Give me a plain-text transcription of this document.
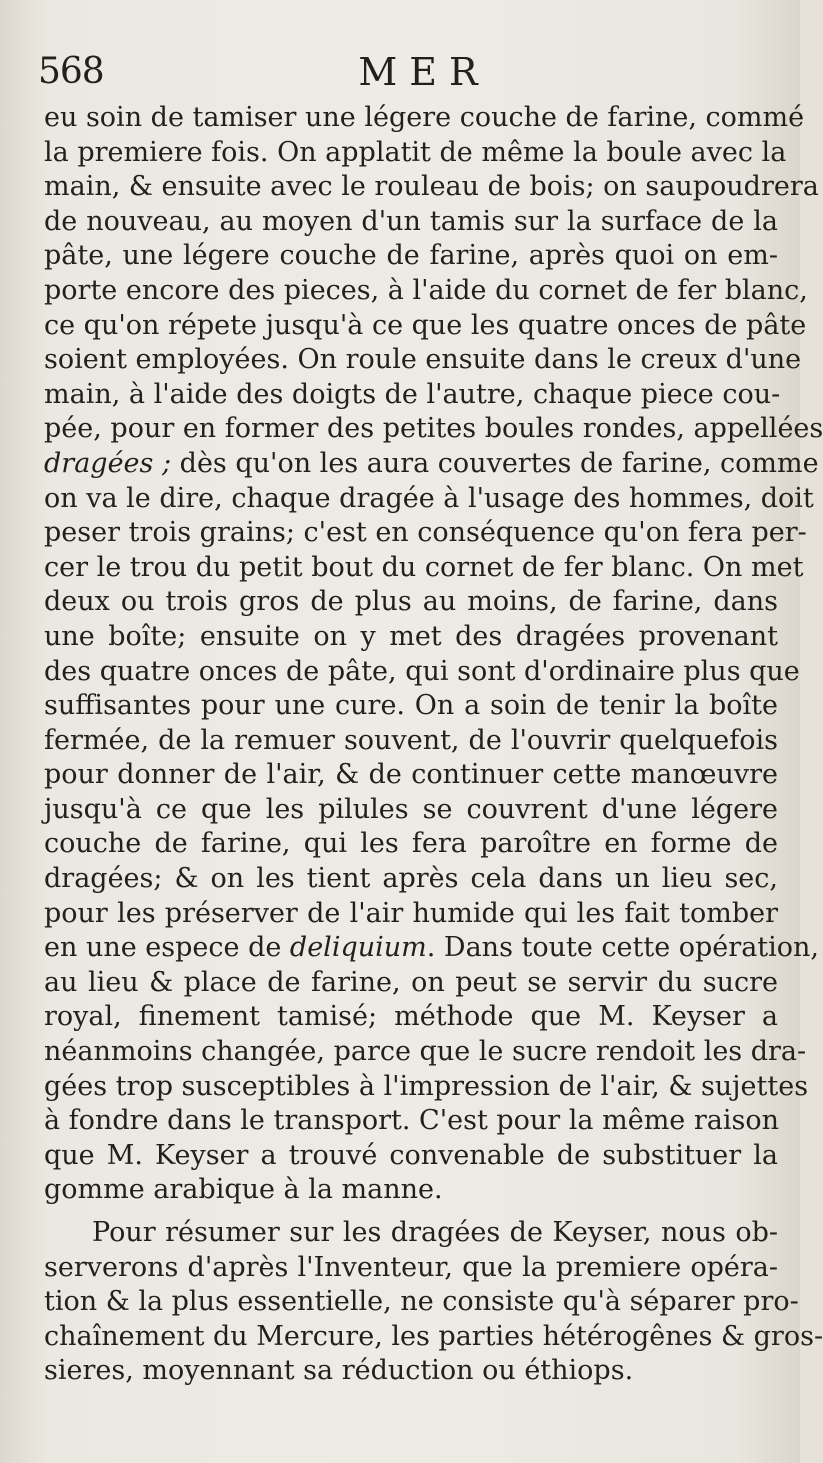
568	MER
eu soin de tamiser une légere couche de farine, commé
la premiere fois. On applatit de même la boule avec la
main, & ensuite avec le rouleau de bois; on saupoudrera
de nouveau, au moyen d'un tamis sur la surface de la
pâte, une légere couche de farine, après quoi on em-
porte encore des pieces, à l'aide du cornet de fer blanc,
ce qu'on répete jusqu'à ce que les quatre onces de pâte
soient employées. On roule ensuite dans le creux d'une
main, à l'aide des doigts de l'autre, chaque piece cou-
pée, pour en former des petites boules rondes, appellées
dragées ; dès qu'on les aura couvertes de farine, comme
on va le dire, chaque dragée à l'usage des hommes, doit
peser trois grains; c'est en conséquence qu'on fera per-
cer le trou du petit bout du cornet de fer blanc. On met
deux ou trois gros de plus au moins, de farine, dans
une boîte; ensuite on y met des dragées provenant
des quatre onces de pâte, qui sont d'ordinaire plus que
suffisantes pour une cure. On a soin de tenir la boîte
fermée, de la remuer souvent, de l'ouvrir quelquefois
pour donner de l'air, & de continuer cette manœuvre
jusqu'à ce que les pilules se couvrent d'une légere
couche de farine, qui les fera paroître en forme de
dragées; & on les tient après cela dans un lieu sec,
pour les préserver de l'air humide qui les fait tomber
en une espece de deliquium. Dans toute cette opération,
au lieu & place de farine, on peut se servir du sucre
royal, finement tamisé; méthode que M. Keyser a
néanmoins changée, parce que le sucre rendoit les dra-
gées trop susceptibles à l'impression de l'air, & sujettes
à fondre dans le transport. C'est pour la même raison
que M. Keyser a trouvé convenable de substituer la
gomme arabique à la manne.
Pour résumer sur les dragées de Keyser, nous ob-
serverons d'après l'Inventeur, que la premiere opéra-
tion & la plus essentielle, ne consiste qu'à séparer pro-
chaînement du Mercure, les parties hétérogênes & gros-
sieres, moyennant sa réduction ou éthiops.
